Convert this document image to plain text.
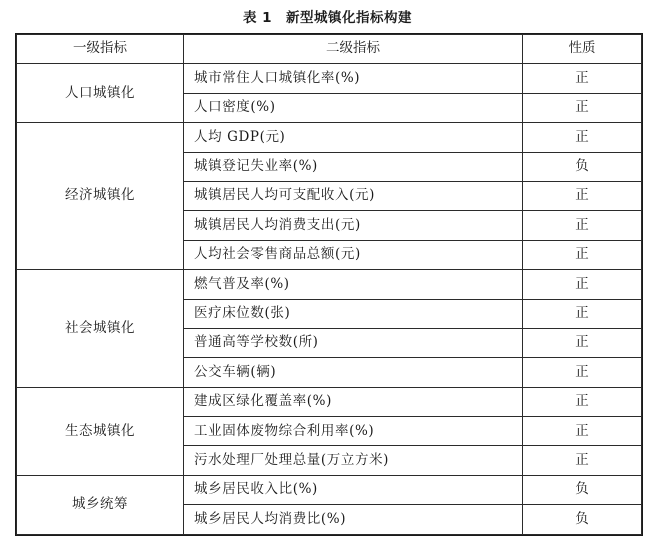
表 1　新型城镇化指标构建
一级指标	二级指标	性质
人口城镇化	城市常住人口城镇化率(%)	正
	人口密度(%)	正
经济城镇化	人均 GDP(元)	正
	城镇登记失业率(%)	负
	城镇居民人均可支配收入(元)	正
	城镇居民人均消费支出(元)	正
	人均社会零售商品总额(元)	正
社会城镇化	燃气普及率(%)	正
	医疗床位数(张)	正
	普通高等学校数(所)	正
	公交车辆(辆)	正
生态城镇化	建成区绿化覆盖率(%)	正
	工业固体废物综合利用率(%)	正
	污水处理厂处理总量(万立方米)	正
城乡统筹	城乡居民收入比(%)	负
	城乡居民人均消费比(%)	负
